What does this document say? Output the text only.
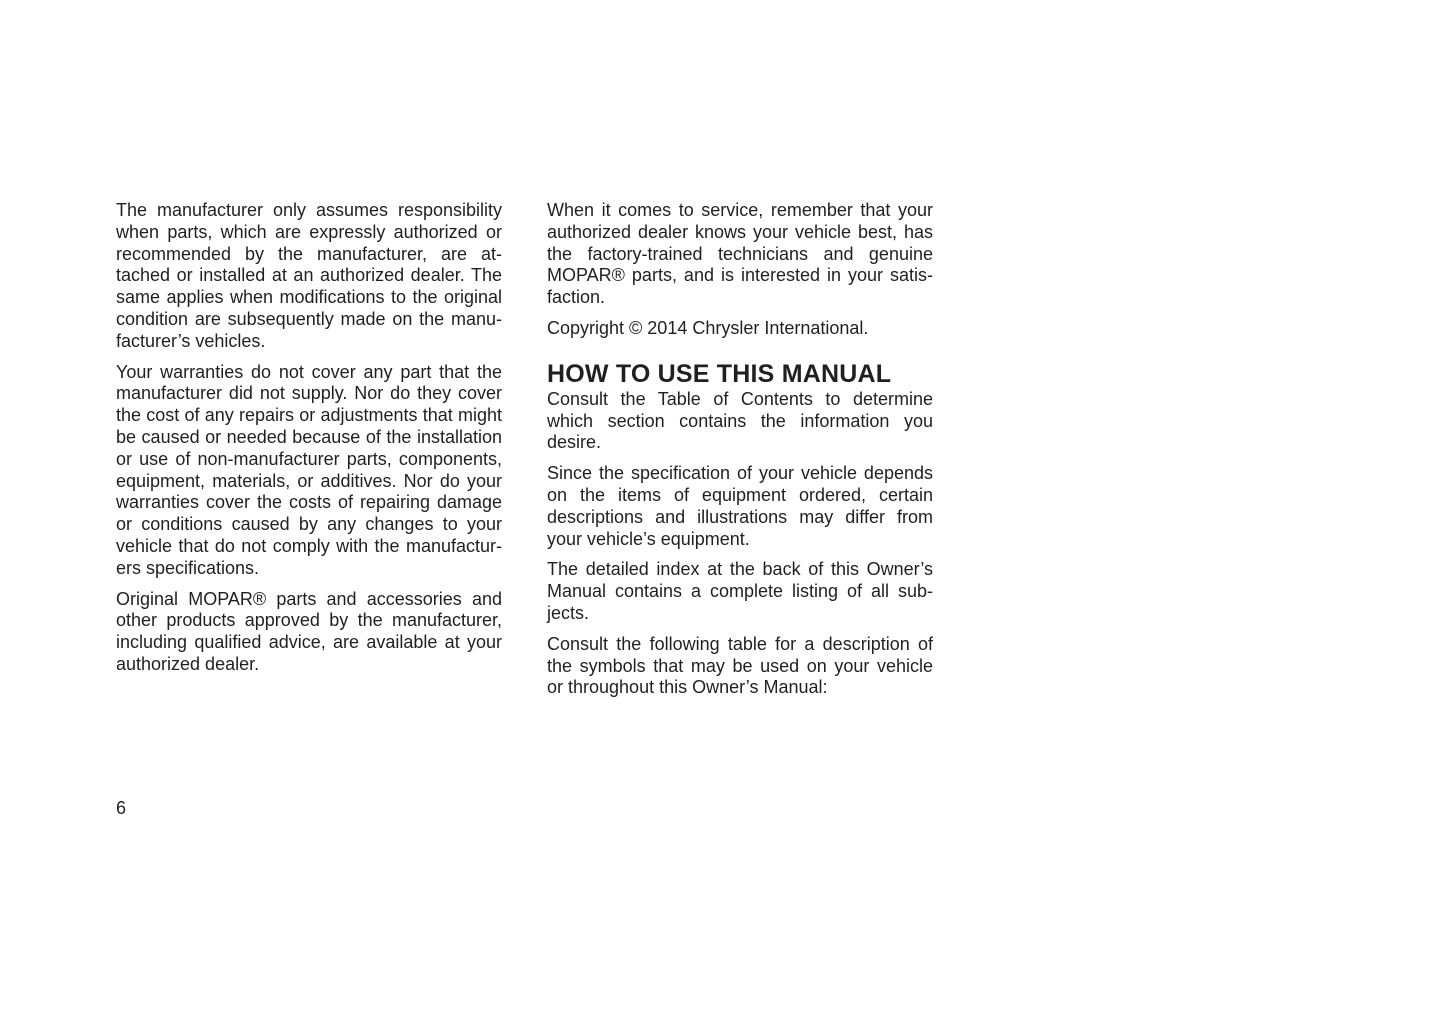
The manufacturer only assumes responsibility when parts, which are expressly authorized or recommended by the manufacturer, are attached or installed at an authorized dealer. The same applies when modifications to the original condition are subsequently made on the manufacturer’s vehicles.

Your warranties do not cover any part that the manufacturer did not supply. Nor do they cover the cost of any repairs or adjustments that might be caused or needed because of the installation or use of non-manufacturer parts, components, equipment, materials, or additives. Nor do your warranties cover the costs of repairing damage or conditions caused by any changes to your vehicle that do not comply with the manufactur ers specifications.

Original MOPAR® parts and accessories and other products approved by the manufacturer, including qualified advice, are available at your authorized dealer.

When it comes to service, remember that your authorized dealer knows your vehicle best, has the factory-trained technicians and genuine MOPAR® parts, and is interested in your satisfaction.

Copyright © 2014 Chrysler International.

HOW TO USE THIS MANUAL

Consult the Table of Contents to determine which section contains the information you desire.

Since the specification of your vehicle depends on the items of equipment ordered, certain descriptions and illustrations may differ from your vehicle’s equipment.

The detailed index at the back of this Owner’s Manual contains a complete listing of all subjects.

Consult the following table for a description of the symbols that may be used on your vehicle or throughout this Owner’s Manual:

6
